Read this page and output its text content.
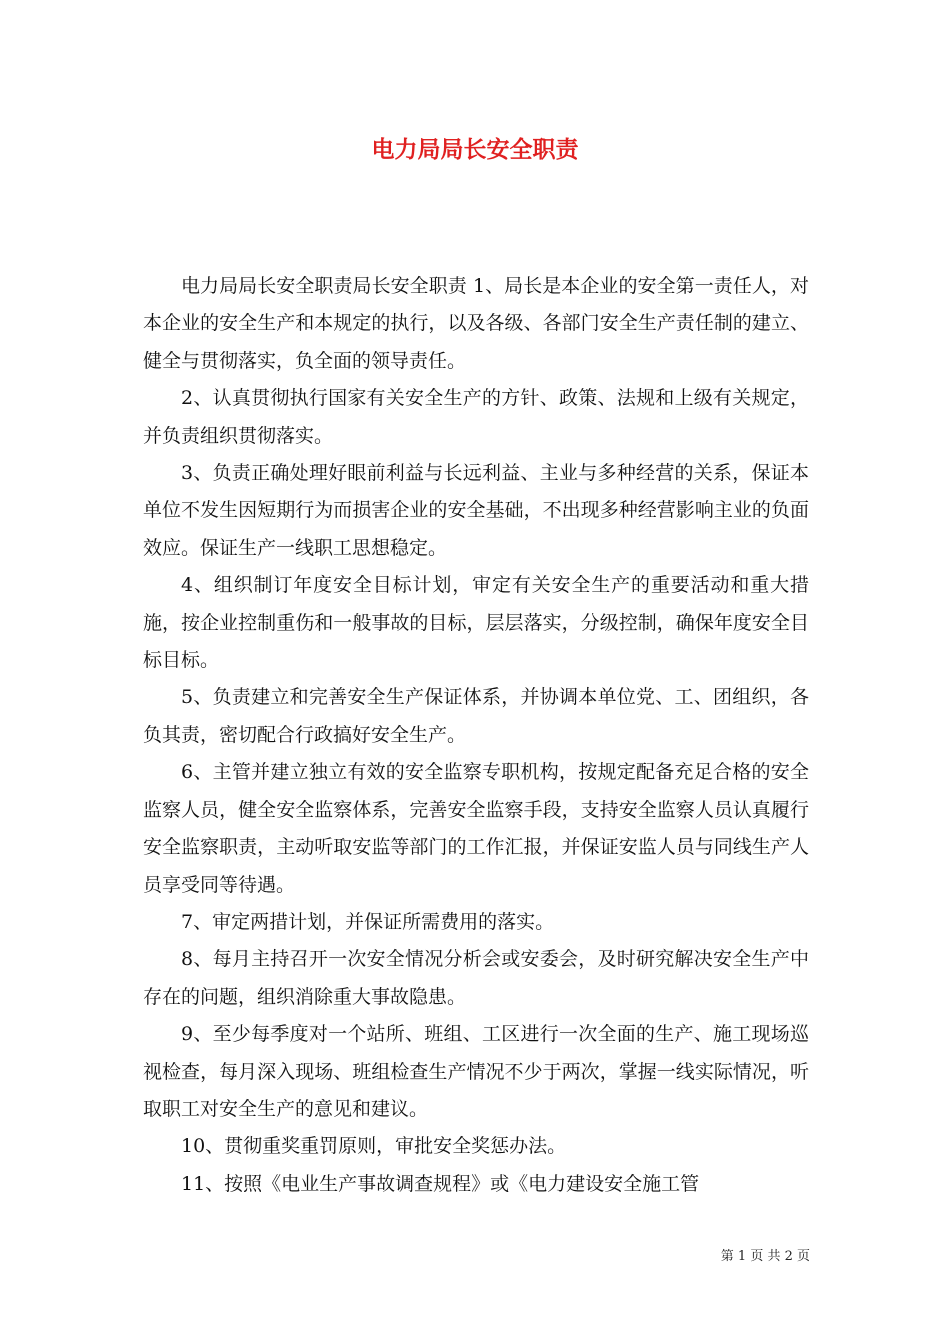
电力局局长安全职责

电力局局长安全职责局长安全职责 1、局长是本企业的安全第一责任人，对本企业的安全生产和本规定的执行，以及各级、各部门安全生产责任制的建立、健全与贯彻落实，负全面的领导责任。

2、认真贯彻执行国家有关安全生产的方针、政策、法规和上级有关规定，并负责组织贯彻落实。

3、负责正确处理好眼前利益与长远利益、主业与多种经营的关系，保证本单位不发生因短期行为而损害企业的安全基础，不出现多种经营影响主业的负面效应。保证生产一线职工思想稳定。

4、组织制订年度安全目标计划，审定有关安全生产的重要活动和重大措施，按企业控制重伤和一般事故的目标，层层落实，分级控制，确保年度安全目标目标。

5、负责建立和完善安全生产保证体系，并协调本单位党、工、团组织，各负其责，密切配合行政搞好安全生产。

6、主管并建立独立有效的安全监察专职机构，按规定配备充足合格的安全监察人员，健全安全监察体系，完善安全监察手段，支持安全监察人员认真履行安全监察职责，主动听取安监等部门的工作汇报，并保证安监人员与同线生产人员享受同等待遇。

7、审定两措计划，并保证所需费用的落实。

8、每月主持召开一次安全情况分析会或安委会，及时研究解决安全生产中存在的问题，组织消除重大事故隐患。

9、至少每季度对一个站所、班组、工区进行一次全面的生产、施工现场巡视检查，每月深入现场、班组检查生产情况不少于两次，掌握一线实际情况，听取职工对安全生产的意见和建议。

10、贯彻重奖重罚原则，审批安全奖惩办法。

11、按照《电业生产事故调查规程》或《电力建设安全施工管

第 1 页 共 2 页
